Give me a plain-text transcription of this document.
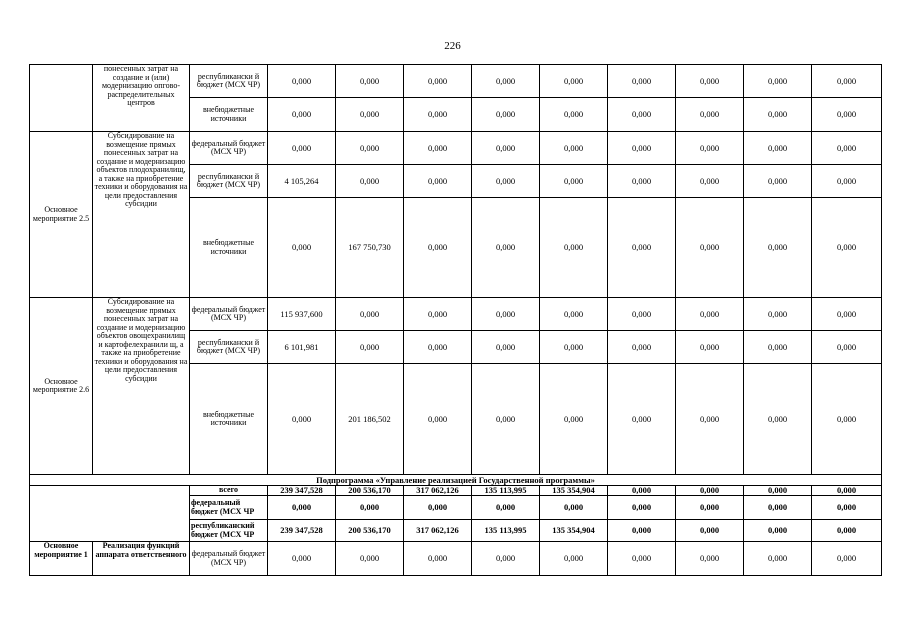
226
	понесенных затрат на создание и (или) модернизацию опгово-распределительных центров	республикански й бюджет (МСХ ЧР)	0,000	0,000	0,000	0,000	0,000	0,000	0,000	0,000	0,000
		внебюджетные источники	0,000	0,000	0,000	0,000	0,000	0,000	0,000	0,000	0,000
Основное мероприятие 2.5	Субсидирование на возмещение прямых понесенных затрат на создание и модернизацию объектов плодохранилищ, а также на приобретение техники и оборудования на цели предоставления субсидии	федеральный бюджет (МСХ ЧР)	0,000	0,000	0,000	0,000	0,000	0,000	0,000	0,000	0,000
		республикански й бюджет (МСХ ЧР)	4 105,264	0,000	0,000	0,000	0,000	0,000	0,000	0,000	0,000
		внебюджетные источники	0,000	167 750,730	0,000	0,000	0,000	0,000	0,000	0,000	0,000
Основное мероприятие 2.6	Субсидирование на возмещение прямых понесенных затрат на создание и модернизацию объектов овощехранилищ и картофелехранили щ, а также на приобретение техники и оборудования на цели предоставления субсидии	федеральный бюджет (МСХ ЧР)	115 937,600	0,000	0,000	0,000	0,000	0,000	0,000	0,000	0,000
		республикански й бюджет (МСХ ЧР)	6 101,981	0,000	0,000	0,000	0,000	0,000	0,000	0,000	0,000
		внебюджетные источники	0,000	201 186,502	0,000	0,000	0,000	0,000	0,000	0,000	0,000
Подпрограмма «Управление реализацией Государственной программы»											
		всего	239 347,528	200 536,170	317 062,126	135 113,995	135 354,904	0,000	0,000	0,000	0,000
		федеральный бюджет (МСХ ЧР	0,000	0,000	0,000	0,000	0,000	0,000	0,000	0,000	0,000
		республиканский бюджет (МСХ ЧР	239 347,528	200 536,170	317 062,126	135 113,995	135 354,904	0,000	0,000	0,000	0,000
Основное мероприятие 1	Реализация функций аппарата ответственного	федеральный бюджет (МСХ ЧР)	0,000	0,000	0,000	0,000	0,000	0,000	0,000	0,000	0,000
